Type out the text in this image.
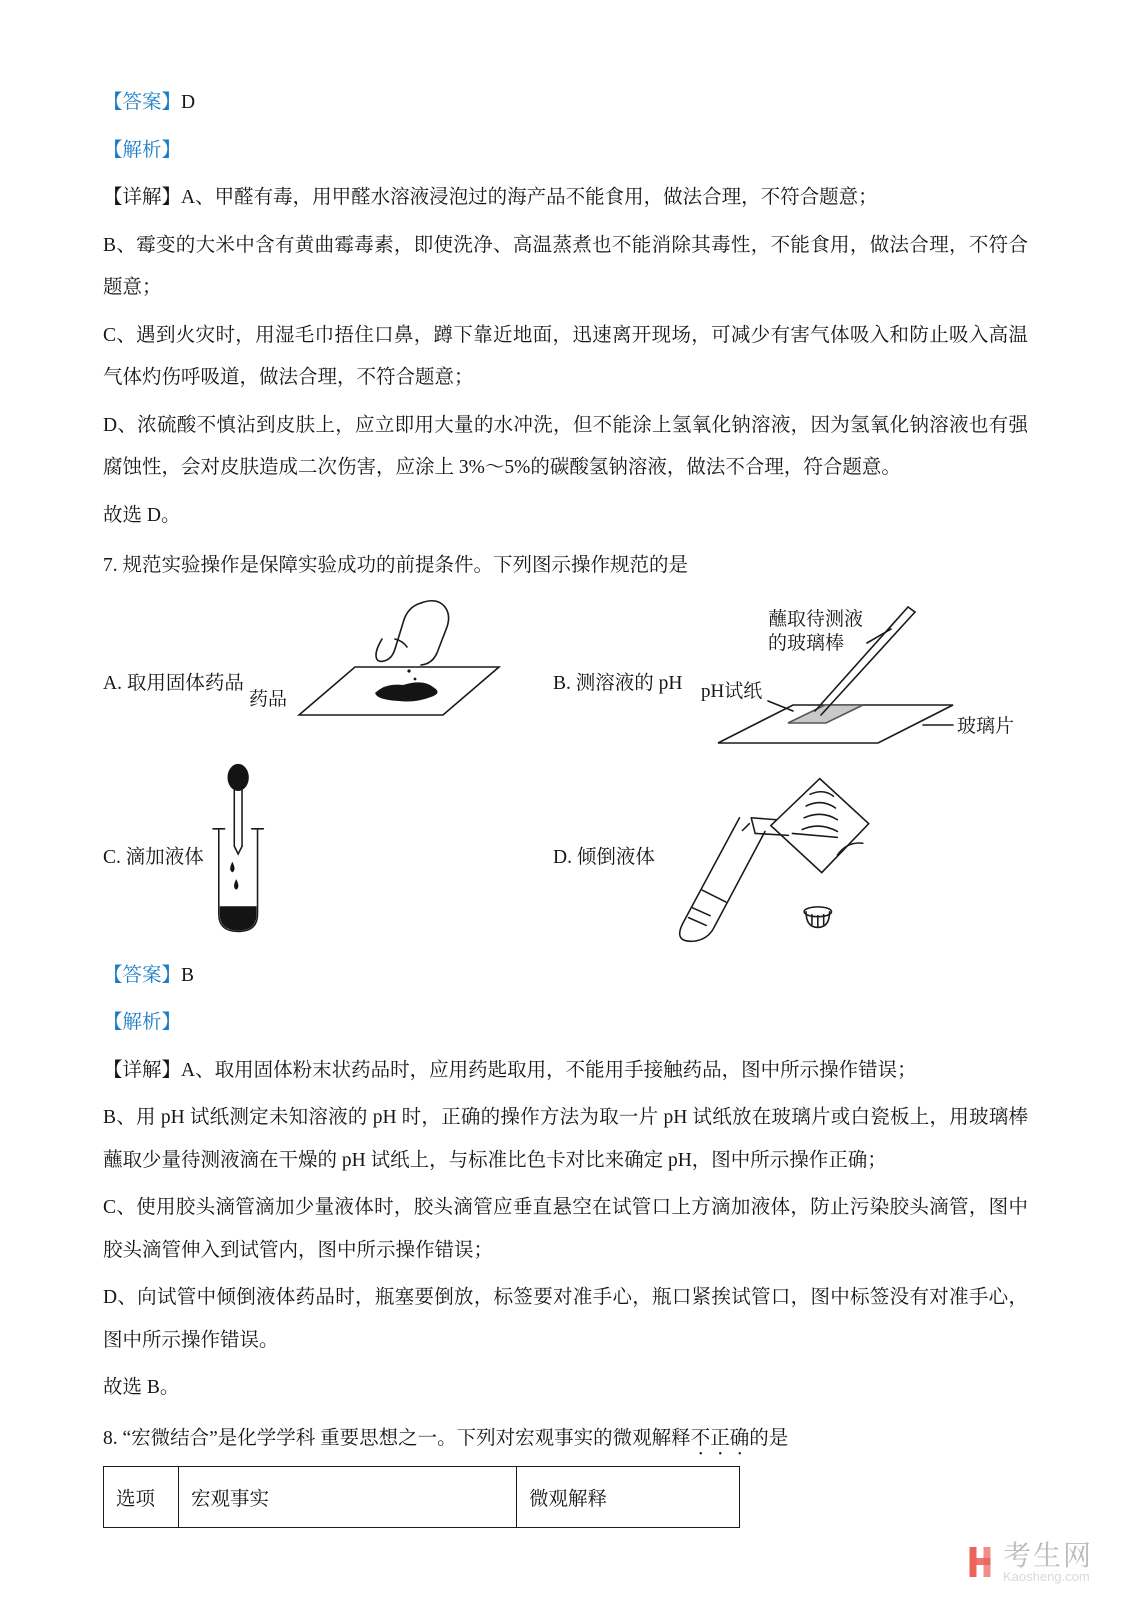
【答案】D

【解析】

【详解】A、甲醛有毒，用甲醛水溶液浸泡过的海产品不能食用，做法合理，不符合题意；

B、霉变的大米中含有黄曲霉毒素，即使洗净、高温蒸煮也不能消除其毒性，不能食用，做法合理，不符合题意；

C、遇到火灾时，用湿毛巾捂住口鼻，蹲下靠近地面，迅速离开现场，可减少有害气体吸入和防止吸入高温气体灼伤呼吸道，做法合理，不符合题意；

D、浓硫酸不慎沾到皮肤上，应立即用大量的水冲洗，但不能涂上氢氧化钠溶液，因为氢氧化钠溶液也有强腐蚀性，会对皮肤造成二次伤害，应涂上 3%～5%的碳酸氢钠溶液，做法不合理，符合题意。

故选 D。

7. 规范实验操作是保障实验成功的前提条件。下列图示操作规范的是

药品
A. 取用固体药品
蘸取待测液
的玻璃棒
pH试纸
玻璃片
B. 测溶液的 pH
C. 滴加液体	D. 倾倒液体

【答案】B

【解析】

【详解】A、取用固体粉末状药品时，应用药匙取用，不能用手接触药品，图中所示操作错误；

B、用 pH 试纸测定未知溶液的 pH 时，正确的操作方法为取一片 pH 试纸放在玻璃片或白瓷板上，用玻璃棒蘸取少量待测液滴在干燥的 pH 试纸上，与标准比色卡对比来确定 pH，图中所示操作正确；

C、使用胶头滴管滴加少量液体时，胶头滴管应垂直悬空在试管口上方滴加液体，防止污染胶头滴管，图中胶头滴管伸入到试管内，图中所示操作错误；

D、向试管中倾倒液体药品时，瓶塞要倒放，标签要对准手心，瓶口紧挨试管口，图中标签没有对准手心，图中所示操作错误。

故选 B。

8. “宏微结合”是化学学科 重要思想之一。下列对宏观事实的微观解释不正确的是

选项	宏观事实	微观解释
考生网
Kaosheng.com
